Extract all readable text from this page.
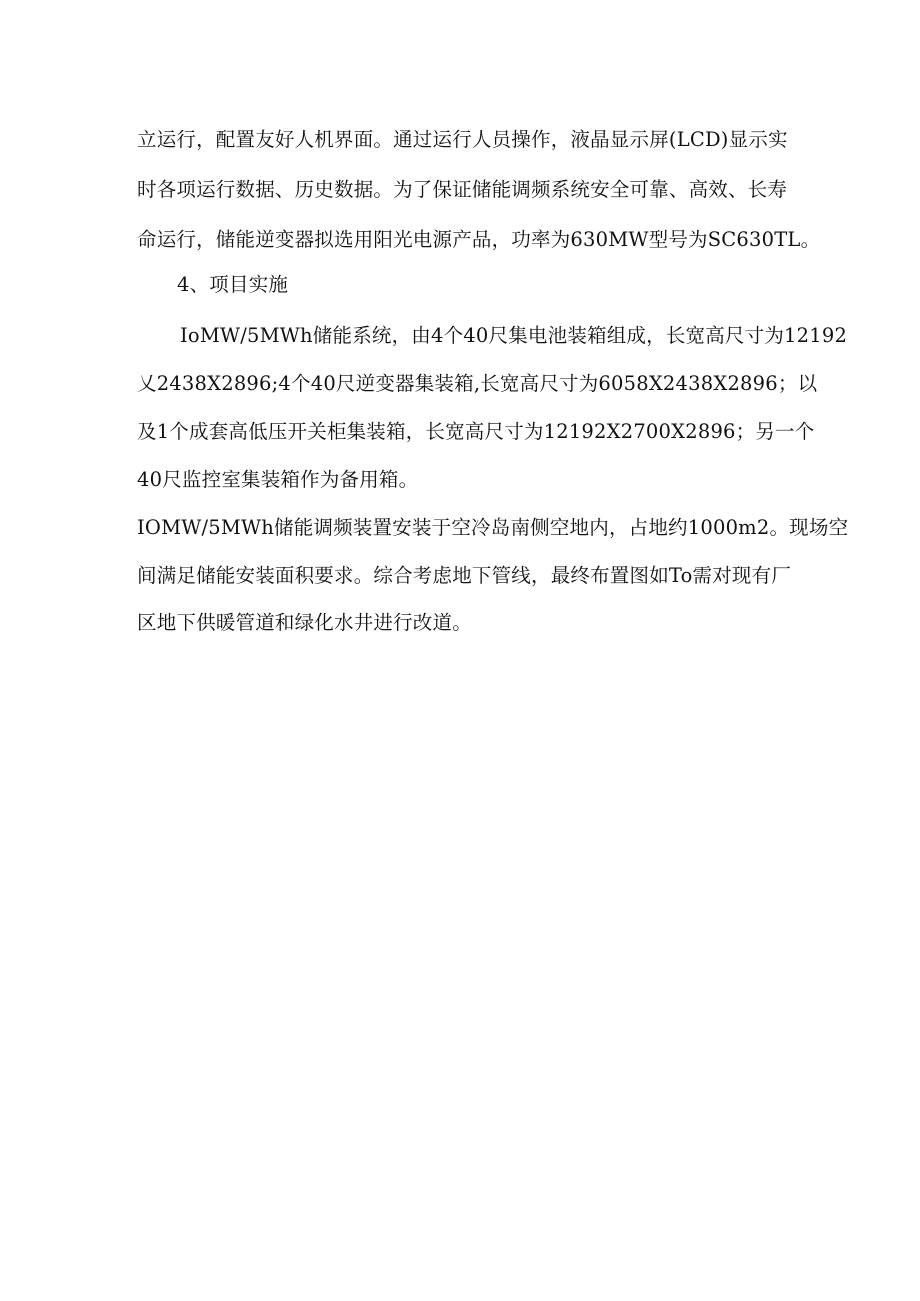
立运行，配置友好人机界面。通过运行人员操作，液晶显示屏(LCD)显示实
时各项运行数据、历史数据。为了保证储能调频系统安全可靠、高效、长寿
命运行，储能逆变器拟选用阳光电源产品，功率为630MW型号为SC630TL。
4、项目实施
IoMW/5MWh储能系统，由4个40尺集电池装箱组成，长宽高尺寸为12192
乂2438X2896;4个40尺逆变器集装箱,长宽高尺寸为6058X2438X2896；以
及1个成套高低压开关柜集装箱，长宽高尺寸为12192X2700X2896；另一个
40尺监控室集装箱作为备用箱。
IOMW/5MWh储能调频装置安装于空冷岛南侧空地内，占地约1000m2。现场空
间满足储能安装面积要求。综合考虑地下管线，最终布置图如To需对现有厂
区地下供暖管道和绿化水井进行改道。
